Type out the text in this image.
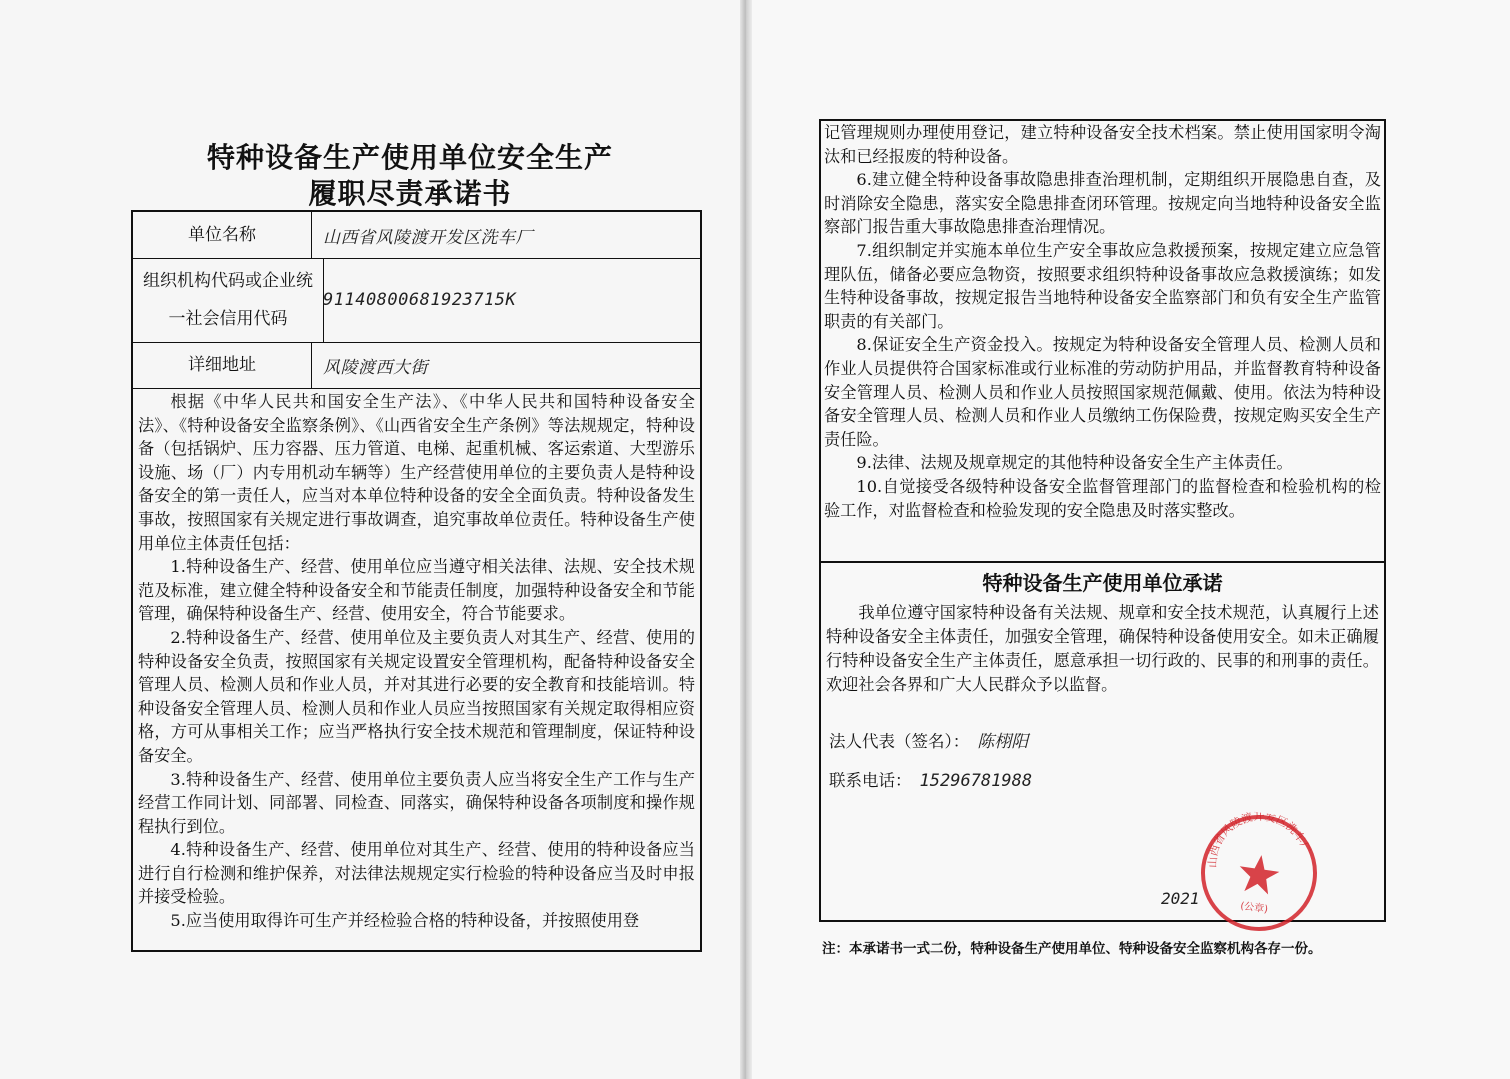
特种设备生产使用单位安全生产
履职尽责承诺书
单位名称	山西省风陵渡开发区洗车厂
组织机构代码或企业统一社会信用代码
91140800681923715K
详细地址	风陵渡西大街

根据《中华人民共和国安全生产法》、《中华人民共和国特种设备安全法》、《特种设备安全监察条例》、《山西省安全生产条例》等法规规定，特种设备（包括锅炉、压力容器、压力管道、电梯、起重机械、客运索道、大型游乐设施、场（厂）内专用机动车辆等）生产经营使用单位的主要负责人是特种设备安全的第一责任人，应当对本单位特种设备的安全全面负责。特种设备发生事故，按照国家有关规定进行事故调查，追究事故单位责任。特种设备生产使用单位主体责任包括：

1.特种设备生产、经营、使用单位应当遵守相关法律、法规、安全技术规范及标准，建立健全特种设备安全和节能责任制度，加强特种设备安全和节能管理，确保特种设备生产、经营、使用安全，符合节能要求。

2.特种设备生产、经营、使用单位及主要负责人对其生产、经营、使用的特种设备安全负责，按照国家有关规定设置安全管理机构，配备特种设备安全管理人员、检测人员和作业人员，并对其进行必要的安全教育和技能培训。特种设备安全管理人员、检测人员和作业人员应当按照国家有关规定取得相应资格，方可从事相关工作；应当严格执行安全技术规范和管理制度，保证特种设备安全。

3.特种设备生产、经营、使用单位主要负责人应当将安全生产工作与生产经营工作同计划、同部署、同检查、同落实，确保特种设备各项制度和操作规程执行到位。

4.特种设备生产、经营、使用单位对其生产、经营、使用的特种设备应当进行自行检测和维护保养，对法律法规规定实行检验的特种设备应当及时申报并接受检验。

5.应当使用取得许可生产并经检验合格的特种设备，并按照使用登

记管理规则办理使用登记，建立特种设备安全技术档案。禁止使用国家明令淘汰和已经报废的特种设备。

6.建立健全特种设备事故隐患排查治理机制，定期组织开展隐患自查，及时消除安全隐患，落实安全隐患排查闭环管理。按规定向当地特种设备安全监察部门报告重大事故隐患排查治理情况。

7.组织制定并实施本单位生产安全事故应急救援预案，按规定建立应急管理队伍，储备必要应急物资，按照要求组织特种设备事故应急救援演练；如发生特种设备事故，按规定报告当地特种设备安全监察部门和负有安全生产监管职责的有关部门。

8.保证安全生产资金投入。按规定为特种设备安全管理人员、检测人员和作业人员提供符合国家标准或行业标准的劳动防护用品，并监督教育特种设备安全管理人员、检测人员和作业人员按照国家规范佩戴、使用。依法为特种设备安全管理人员、检测人员和作业人员缴纳工伤保险费，按规定购买安全生产责任险。

9.法律、法规及规章规定的其他特种设备安全生产主体责任。

10.自觉接受各级特种设备安全监督管理部门的监督检查和检验机构的检验工作，对监督检查和检验发现的安全隐患及时落实整改。

特种设备生产使用单位承诺

我单位遵守国家特种设备有关法规、规章和安全技术规范，认真履行上述特种设备安全主体责任，加强安全管理，确保特种设备使用安全。如未正确履行特种设备安全生产主体责任，愿意承担一切行政的、民事的和刑事的责任。欢迎社会各界和广大人民群众予以监督。

法人代表（签名）： 陈栩阳
联系电话： 15296781988
2021
山西省风陵渡开发区洗车厂
(公章)
注：本承诺书一式二份，特种设备生产使用单位、特种设备安全监察机构各存一份。
